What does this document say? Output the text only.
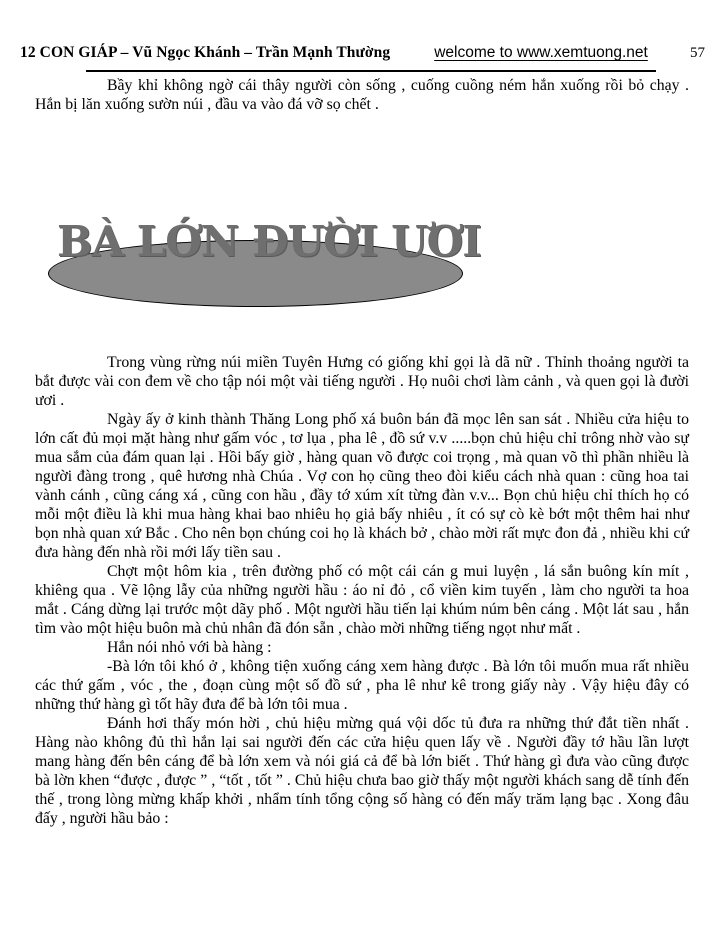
12 CON GIÁP – Vũ Ngọc Khánh – Trần Mạnh Thường	welcome to www.xemtuong.net	57

Bầy khỉ không ngờ cái thây người còn sống , cuống cuồng ném hắn xuống rồi bỏ chạy . Hắn bị lăn xuống sườn núi , đầu va vào đá vỡ sọ chết .

BÀ LỚN ĐƯỜI ƯƠI

Trong vùng rừng núi miền Tuyên Hưng có giống khỉ gọi là dã nữ . Thỉnh thoảng người ta bắt được vài con đem về cho tập nói một vài tiếng người . Họ nuôi chơi làm cảnh , và quen gọi là đười ươi .

Ngày ấy ở kinh thành Thăng Long phố xá buôn bán đã mọc lên san sát . Nhiều cửa hiệu to lớn cất đủ mọi mặt hàng như gấm vóc , tơ lụa , pha lê , đồ sứ v.v .....bọn chủ hiệu chỉ trông nhờ vào sự mua sắm của đám quan lại . Hồi bấy giờ , hàng quan võ được coi trọng , mà quan võ thì phần nhiều là người đàng trong , quê hương nhà Chúa . Vợ con họ cũng theo đòi kiểu cách nhà quan : cũng hoa tai vành cánh , cũng cáng xá , cũng con hầu , đầy tớ xúm xít từng đàn v.v... Bọn chủ hiệu chỉ thích họ có mỗi một điều là khi mua hàng khai bao nhiêu họ giả bấy nhiêu , ít có sự cò kè bớt một thêm hai như bọn nhà quan xứ Bắc . Cho nên bọn chúng coi họ là khách bở , chào mời rất mực đon đả , nhiều khi cứ đưa hàng đến nhà rồi mới lấy tiền sau .

Chợt một hôm kia , trên đường phố có một cái cán g mui luyện , lá sắn buông kín mít , khiêng qua . Vẽ lộng lẫy của những người hầu : áo nỉ đỏ , cổ viền kim tuyến , làm cho người ta hoa mắt . Cáng dừng lại trước một dãy phố . Một người hầu tiến lại khúm núm bên cáng . Một lát sau , hắn tìm vào một hiệu buôn mà chủ nhân đã đón sẵn , chào mời những tiếng ngọt như mất .

Hắn nói nhỏ với bà hàng :

-Bà lớn tôi khó ở , không tiện xuống cáng xem hàng được . Bà lớn tôi muốn mua rất nhiều các thứ gấm , vóc , the , đoạn cùng một số đồ sứ , pha lê như kê trong giấy này . Vậy hiệu đây có những thứ hàng gì tốt hãy đưa để bà lớn tôi mua .

Đánh hơi thấy món hời , chủ hiệu mừng quá vội dốc tủ đưa ra những thứ đắt tiền nhất . Hàng nào không đủ thì hắn lại sai người đến các cửa hiệu quen lấy về . Người đầy tớ hầu lần lượt mang hàng đến bên cáng để bà lớn xem và nói giá cả để bà lớn biết . Thứ hàng gì đưa vào cũng được bà lờn khen “được , được ” , “tốt , tốt ” . Chủ hiệu chưa bao giờ thấy một người khách sang dễ tính đến thế , trong lòng mừng khấp khởi , nhẩm tính tổng cộng số hàng có đến mấy trăm lạng bạc . Xong đâu đấy , người hầu bảo :
